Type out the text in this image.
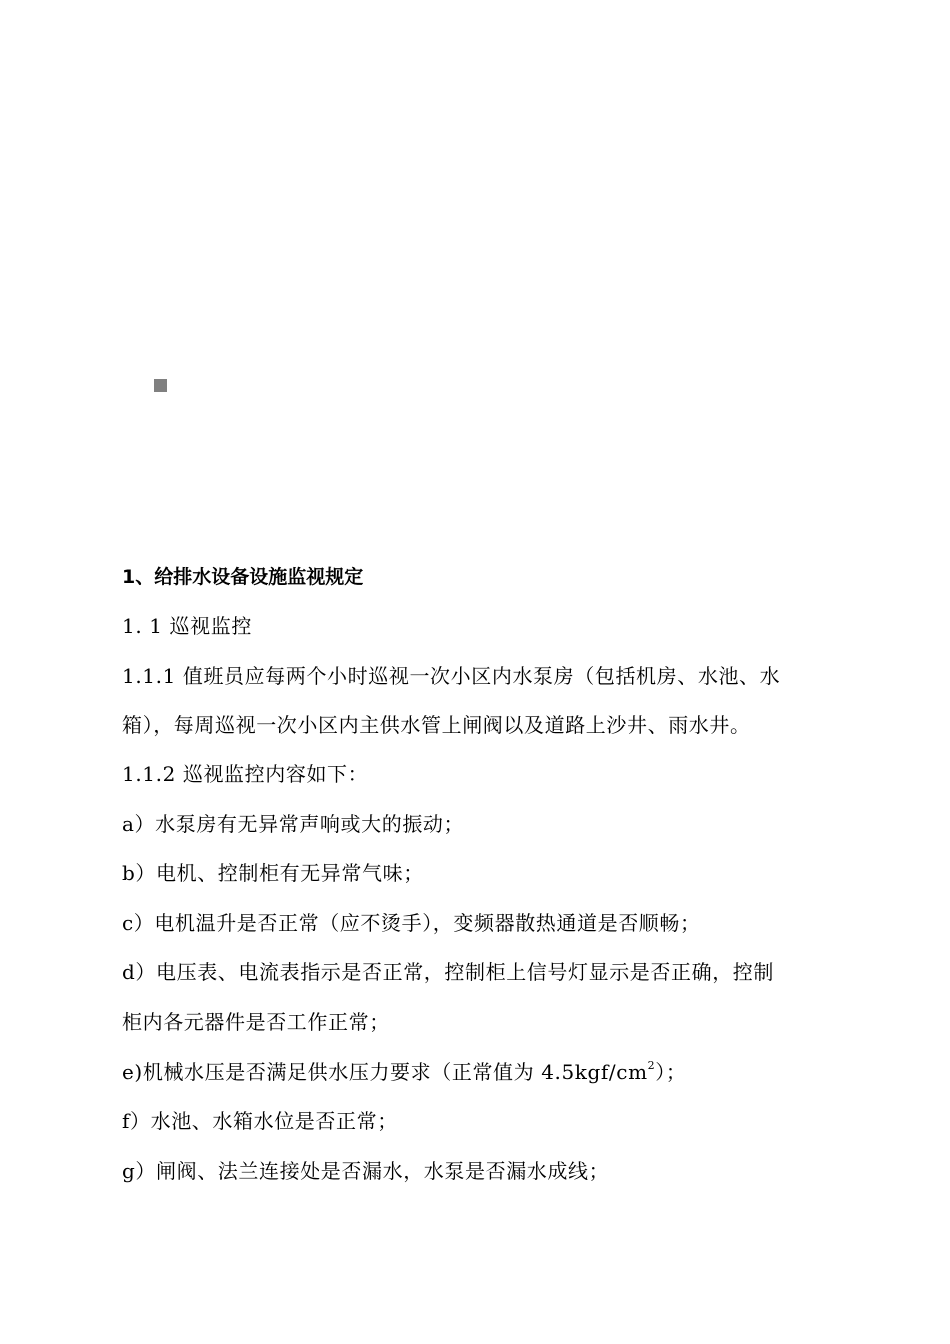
1、给排水设备设施监视规定
1. 1 巡视监控
1.1.1 值班员应每两个小时巡视一次小区内水泵房（包括机房、水池、水
箱），每周巡视一次小区内主供水管上闸阀以及道路上沙井、雨水井。
1.1.2 巡视监控内容如下：
a）水泵房有无异常声响或大的振动；
b）电机、控制柜有无异常气味；
c）电机温升是否正常（应不烫手），变频器散热通道是否顺畅；
d）电压表、电流表指示是否正常，控制柜上信号灯显示是否正确，控制
柜内各元器件是否工作正常；
e)机械水压是否满足供水压力要求（正常值为 $4.5kgf/cm^2$）；
f）水池、水箱水位是否正常；
g）闸阀、法兰连接处是否漏水，水泵是否漏水成线；
